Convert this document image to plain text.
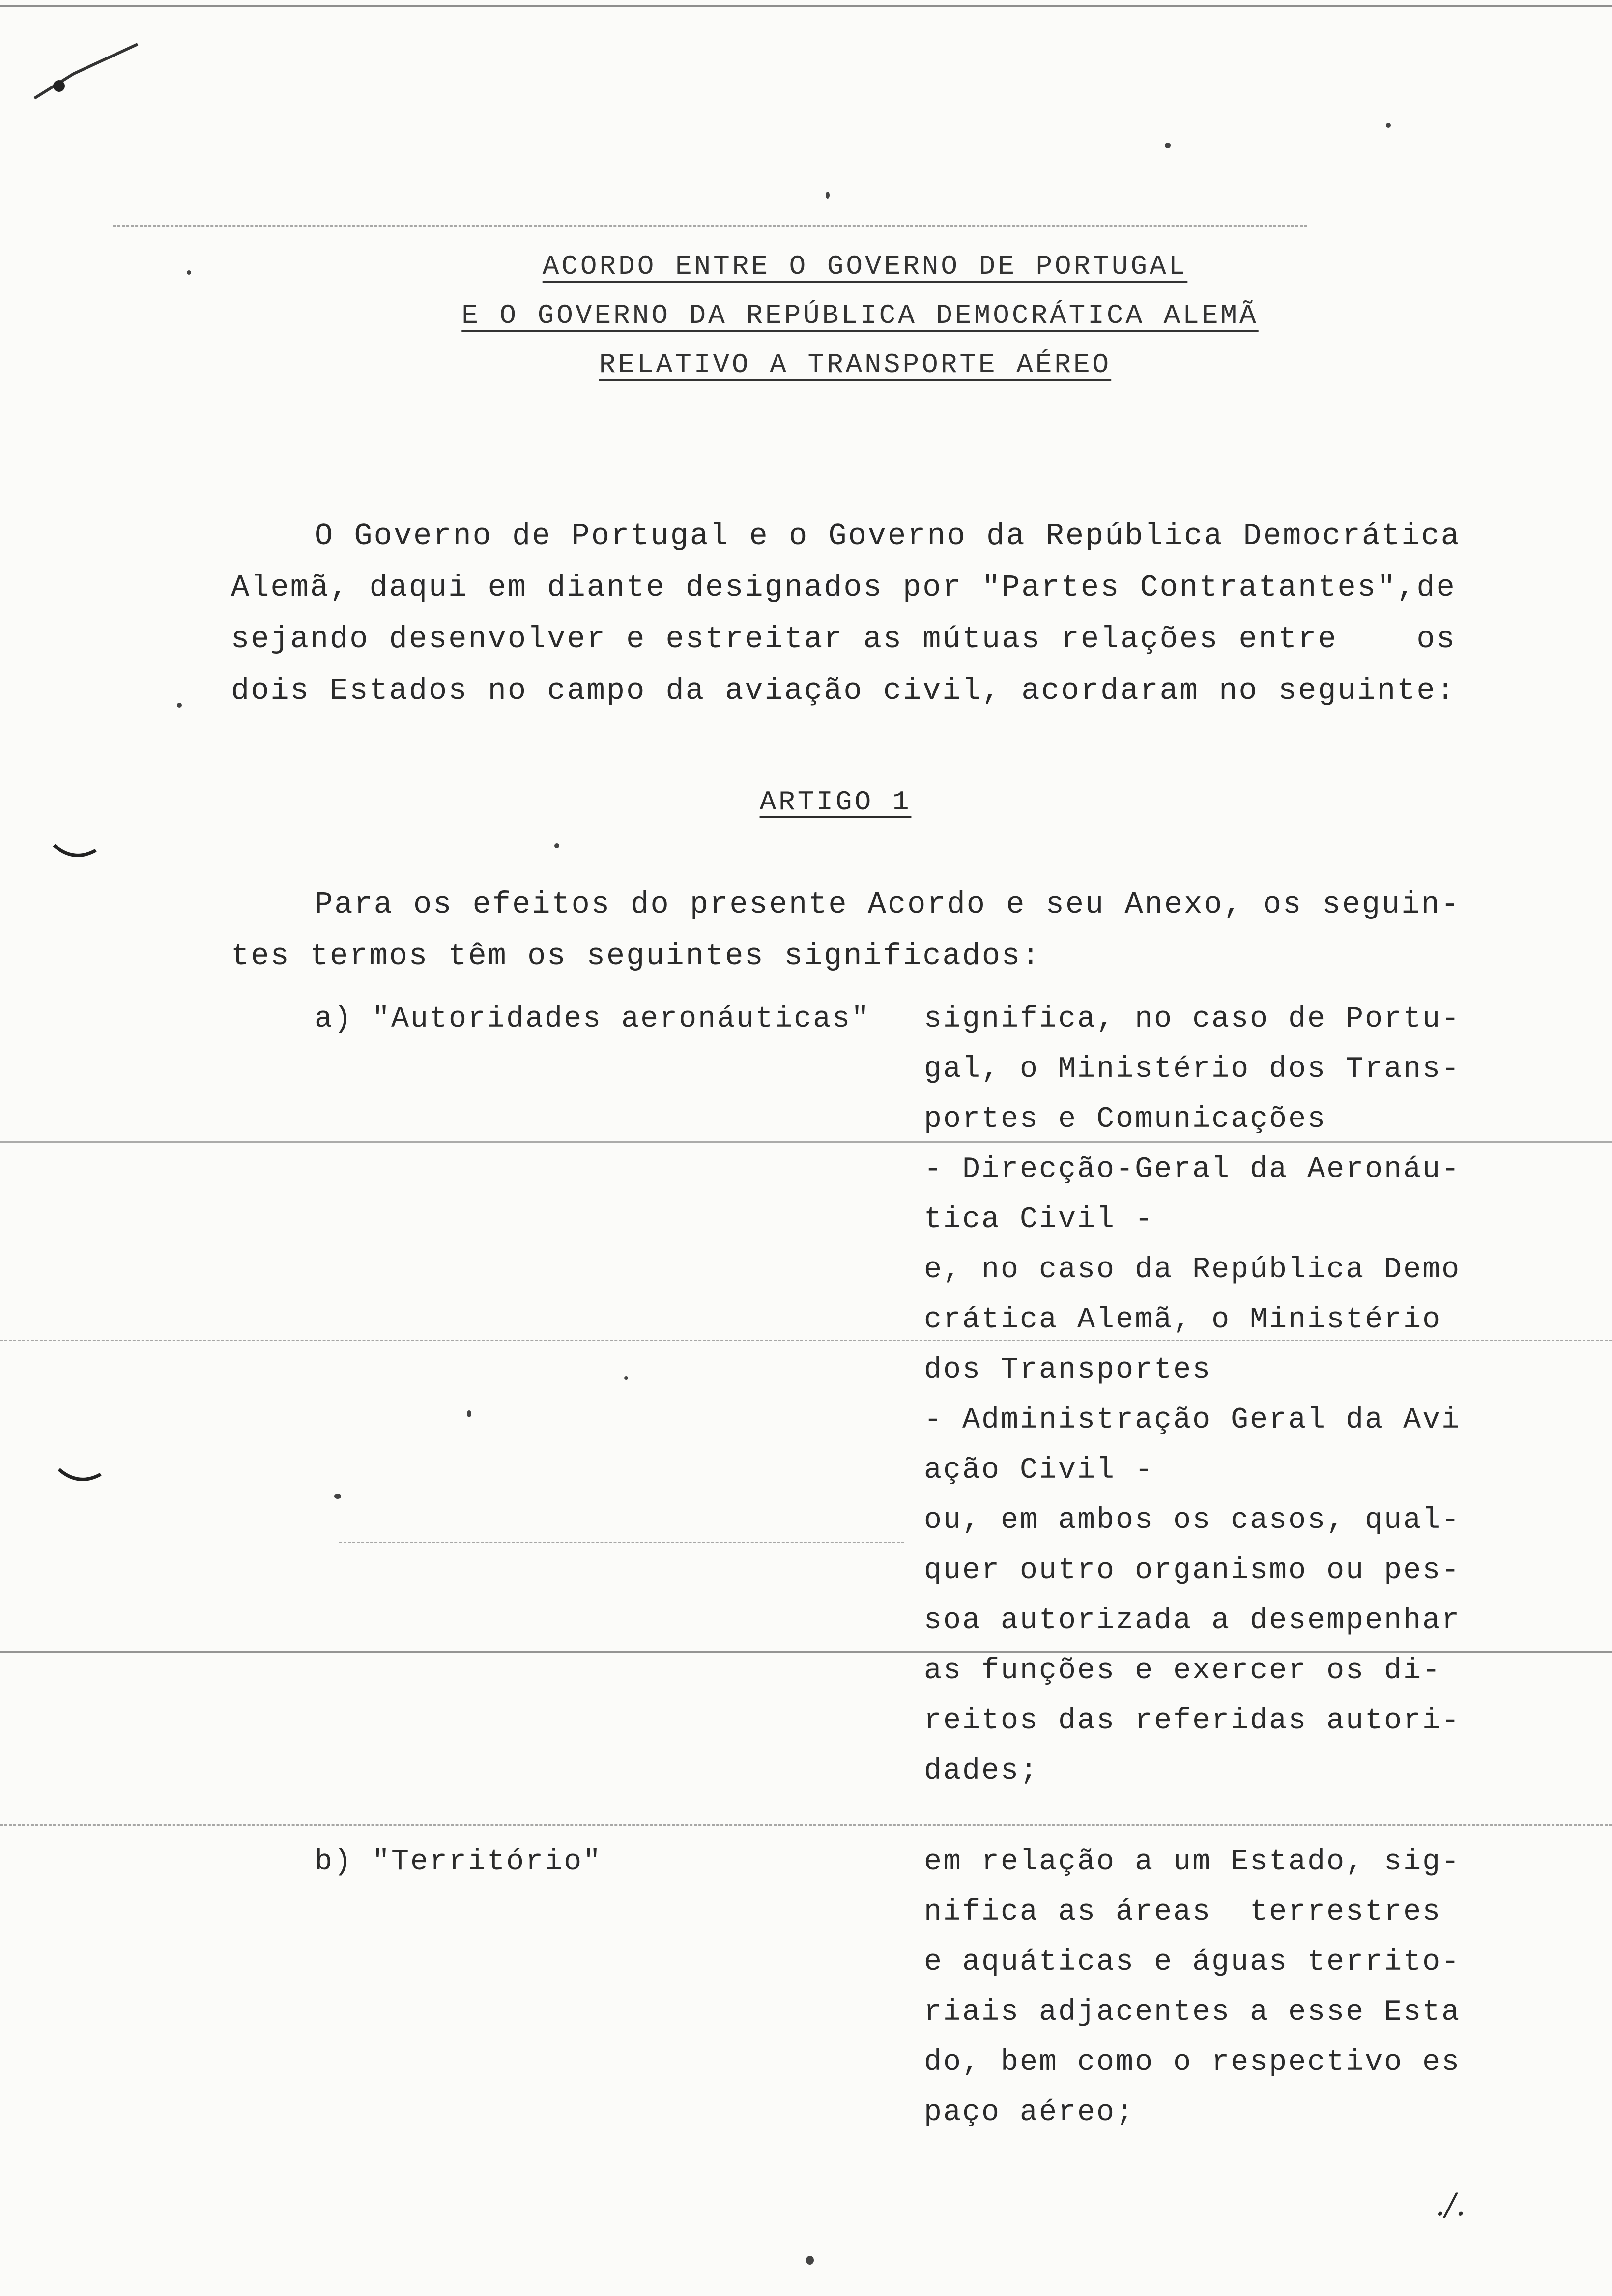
ACORDO ENTRE O GOVERNO DE PORTUGAL
E O GOVERNO DA REPÚBLICA DEMOCRÁTICA ALEMÃ
RELATIVO A TRANSPORTE AÉREO
O Governo de Portugal e o Governo da República Democrática
Alemã, daqui em diante designados por "Partes Contratantes",de
sejando desenvolver e estreitar as mútuas relações entre    os
dois Estados no campo da aviação civil, acordaram no seguinte:
ARTIGO 1
Para os efeitos do presente Acordo e seu Anexo, os seguin-
tes termos têm os seguintes significados:
a) "Autoridades aeronáuticas" significa, no caso de Portu-
gal, o Ministério dos Trans-
portes e Comunicações
- Direcção-Geral da Aeronáu-
tica Civil -
e, no caso da República Demo
crática Alemã, o Ministério
dos Transportes
- Administração Geral da Avi
ação Civil -
ou, em ambos os casos, qual-
quer outro organismo ou pes-
soa autorizada a desempenhar
as funções e exercer os di-
reitos das referidas autori-
dades;
b) "Território"	em relação a um Estado, sig-
nifica as áreas  terrestres
e aquáticas e águas territo-
riais adjacentes a esse Esta
do, bem como o respectivo es
paço aéreo;
./.
